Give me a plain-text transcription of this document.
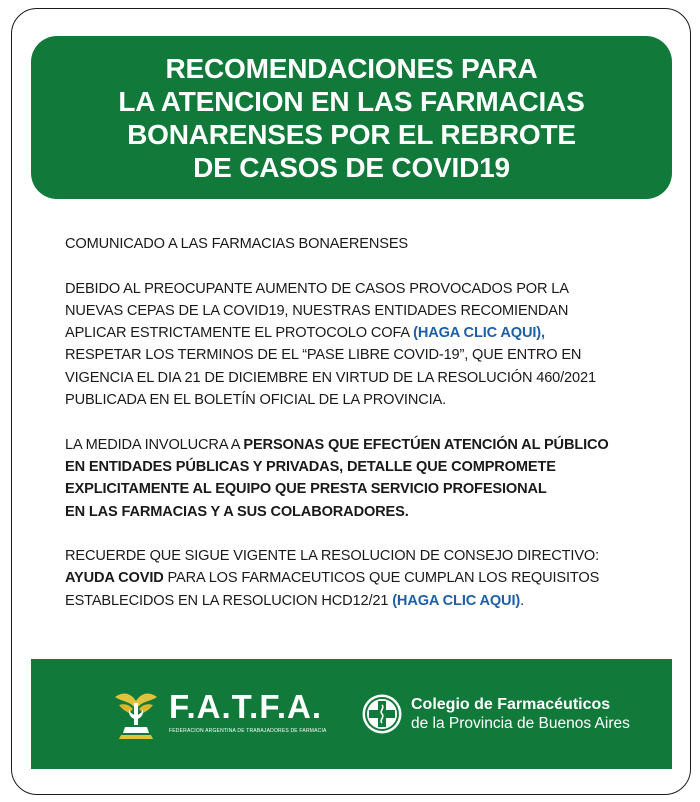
RECOMENDACIONES PARA
LA ATENCION EN LAS FARMACIAS
BONARENSES POR EL REBROTE
DE CASOS DE COVID19

COMUNICADO A LAS FARMACIAS BONAERENSES

DEBIDO AL PREOCUPANTE AUMENTO DE CASOS PROVOCADOS POR LA
NUEVAS CEPAS DE LA COVID19, NUESTRAS ENTIDADES RECOMIENDAN
APLICAR ESTRICTAMENTE EL PROTOCOLO COFA (HAGA CLIC AQUI),
RESPETAR LOS TERMINOS DE EL “PASE LIBRE COVID-19”, QUE ENTRO EN
VIGENCIA EL DIA 21 DE DICIEMBRE EN VIRTUD DE LA RESOLUCIÓN 460/2021
PUBLICADA EN EL BOLETÍN OFICIAL DE LA PROVINCIA.

LA MEDIDA INVOLUCRA A PERSONAS QUE EFECTÚEN ATENCIÓN AL PÚBLICO
EN ENTIDADES PÚBLICAS Y PRIVADAS, DETALLE QUE COMPROMETE
EXPLICITAMENTE AL EQUIPO QUE PRESTA SERVICIO PROFESIONAL
EN LAS FARMACIAS Y A SUS COLABORADORES.

RECUERDE QUE SIGUE VIGENTE LA RESOLUCION DE CONSEJO DIRECTIVO:
AYUDA COVID PARA LOS FARMACEUTICOS QUE CUMPLAN LOS REQUISITOS
ESTABLECIDOS EN LA RESOLUCION HCD12/21 (HAGA CLIC AQUI).

F.A.T.F.A.
FEDERACION ARGENTINA DE TRABAJADORES DE FARMACIA
Colegio de Farmacéuticos
de la Provincia de Buenos Aires
